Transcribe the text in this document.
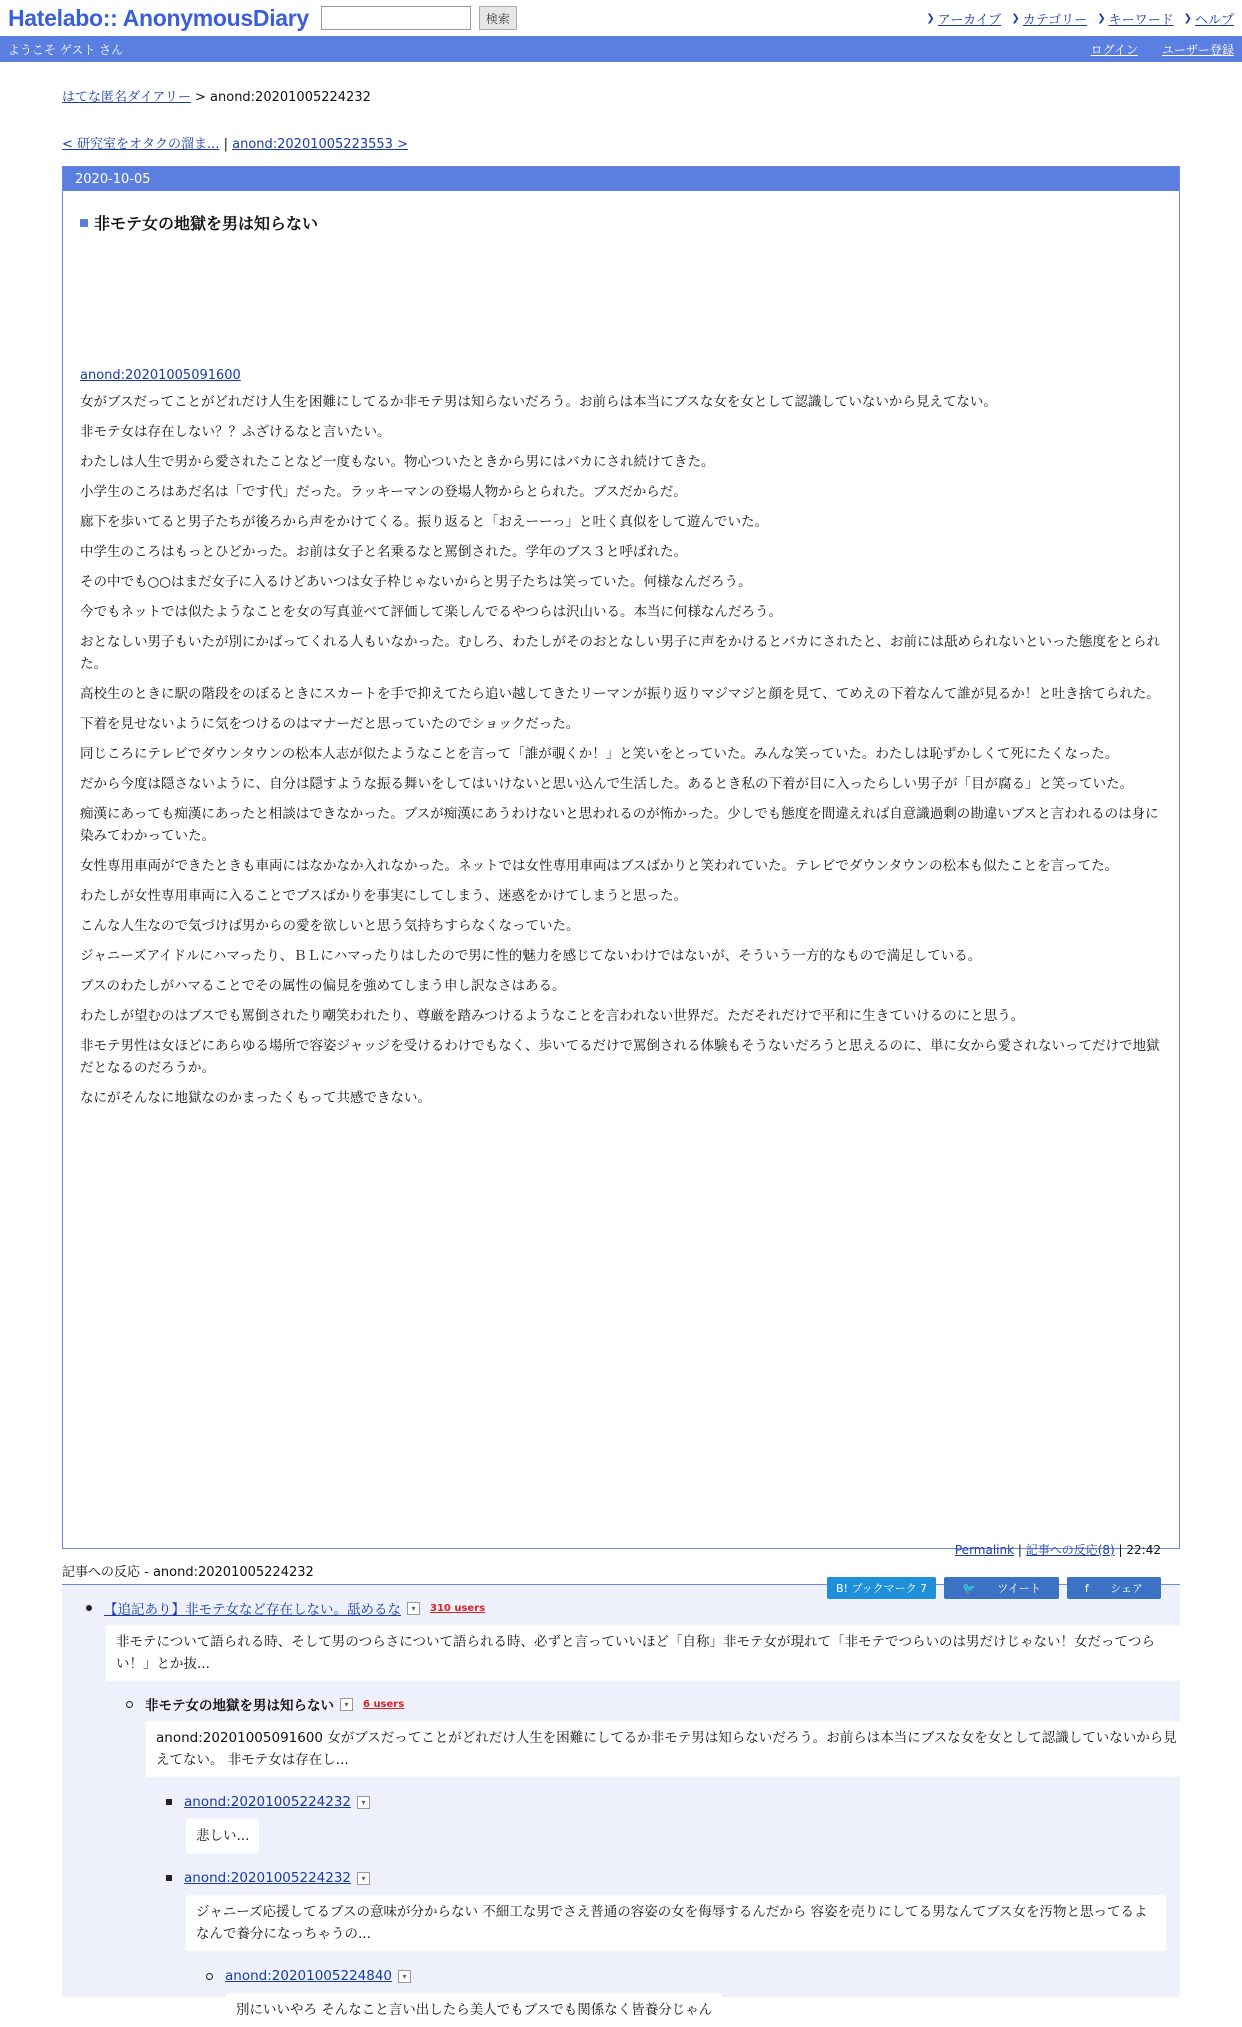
Hatelabo:: AnonymousDiary	検索	❯ アーカイブ ❯ カテゴリー ❯ キーワード ❯ ヘルプ
ようこそ ゲスト さん	ログイン ユーザー登録
はてな匿名ダイアリー > anond:20201005224232
< 研究室をオタクの溜ま... | anond:20201005223553 >
2020-10-05
非モテ女の地獄を男は知らない
anond:20201005091600

女がブスだってことがどれだけ人生を困難にしてるか非モテ男は知らないだろう。お前らは本当にブスな女を女として認識していないから見えてない。

非モテ女は存在しない？？ふざけるなと言いたい。

わたしは人生で男から愛されたことなど一度もない。物心ついたときから男にはバカにされ続けてきた。

小学生のころはあだ名は「です代」だった。ラッキーマンの登場人物からとられた。ブスだからだ。

廊下を歩いてると男子たちが後ろから声をかけてくる。振り返ると「おえーーっ」と吐く真似をして遊んでいた。

中学生のころはもっとひどかった。お前は女子と名乗るなと罵倒された。学年のブス３と呼ばれた。

その中でも○○はまだ女子に入るけどあいつは女子枠じゃないからと男子たちは笑っていた。何様なんだろう。

今でもネットでは似たようなことを女の写真並べて評価して楽しんでるやつらは沢山いる。本当に何様なんだろう。

おとなしい男子もいたが別にかばってくれる人もいなかった。むしろ、わたしがそのおとなしい男子に声をかけるとバカにされたと、お前には舐められないといった態度をとられた。

高校生のときに駅の階段をのぼるときにスカートを手で抑えてたら追い越してきたリーマンが振り返りマジマジと顔を見て、てめえの下着なんて誰が見るか！と吐き捨てられた。

下着を見せないように気をつけるのはマナーだと思っていたのでショックだった。

同じころにテレビでダウンタウンの松本人志が似たようなことを言って「誰が覗くか！」と笑いをとっていた。みんな笑っていた。わたしは恥ずかしくて死にたくなった。

だから今度は隠さないように、自分は隠すような振る舞いをしてはいけないと思い込んで生活した。あるとき私の下着が目に入ったらしい男子が「目が腐る」と笑っていた。

痴漢にあっても痴漢にあったと相談はできなかった。ブスが痴漢にあうわけないと思われるのが怖かった。少しでも態度を間違えれば自意識過剰の勘違いブスと言われるのは身に染みてわかっていた。

女性専用車両ができたときも車両にはなかなか入れなかった。ネットでは女性専用車両はブスばかりと笑われていた。テレビでダウンタウンの松本も似たことを言ってた。

わたしが女性専用車両に入ることでブスばかりを事実にしてしまう、迷惑をかけてしまうと思った。

こんな人生なので気づけば男からの愛を欲しいと思う気持ちすらなくなっていた。

ジャニーズアイドルにハマったり、ＢＬにハマったりはしたので男に性的魅力を感じてないわけではないが、そういう一方的なもので満足している。

ブスのわたしがハマることでその属性の偏見を強めてしまう申し訳なさはある。

わたしが望むのはブスでも罵倒されたり嘲笑われたり、尊厳を踏みつけるようなことを言われない世界だ。ただそれだけで平和に生きていけるのにと思う。

非モテ男性は女ほどにあらゆる場所で容姿ジャッジを受けるわけでもなく、歩いてるだけで罵倒される体験もそうないだろうと思えるのに、単に女から愛されないってだけで地獄だとなるのだろうか。

なにがそんなに地獄なのかまったくもって共感できない。

Permalink | 記事への反応(8) | 22:42
B! ブックマーク 7	🐦 ツイート	f シェア
記事への反応 - anond:20201005224232
【追記あり】非モテ女など存在しない。舐めるな	▾	310 users
非モテについて語られる時、そして男のつらさについて語られる時、必ずと言っていいほど「自称」非モテ女が現れて「非モテでつらいのは男だけじゃない！女だってつらい！」とか抜...
非モテ女の地獄を男は知らない	▾	6 users
anond:20201005091600 女がブスだってことがどれだけ人生を困難にしてるか非モテ男は知らないだろう。お前らは本当にブスな女を女として認識していないから見えてない。 非モテ女は存在し...
anond:20201005224232	▾
悲しい...
anond:20201005224232	▾
ジャニーズ応援してるブスの意味が分からない 不細工な男でさえ普通の容姿の女を侮辱するんだから 容姿を売りにしてる男なんてブス女を汚物と思ってるよ なんで養分になっちゃうの...
anond:20201005224840	▾
別にいいやろ そんなこと言い出したら美人でもブスでも関係なく皆養分じゃん
